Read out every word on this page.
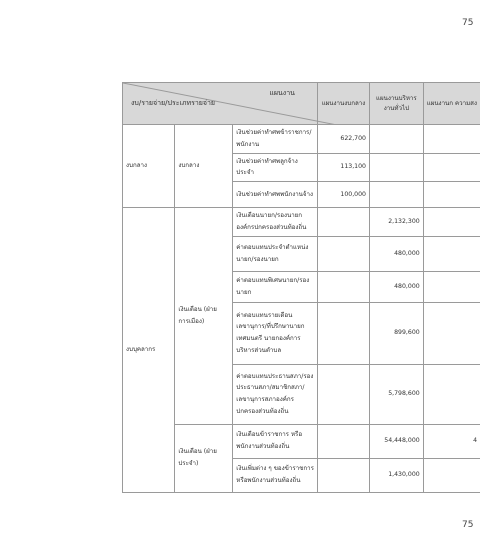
75
แผนงาน
งบ/รายจ่าย/ประเภทรายจ่าย			แผนงานงบกลาง	แผนงานบริหารงานทั่วไป	แผนงานก ความสง
งบกลาง	งบกลาง	เงินช่วยค่าทำศพข้าราชการ/พนักงาน	622,700		
		เงินช่วยค่าทำศพลูกจ้างประจำ	113,100		
		เงินช่วยค่าทำศพพนักงานจ้าง	100,000		
งบบุคลากร	เงินเดือน (ฝ่ายการเมือง)	เงินเดือนนายก/รองนายกองค์กรปกครองส่วนท้องถิ่น		2,132,300	
		ค่าตอบแทนประจำตำแหน่งนายก/รองนายก		480,000	
		ค่าตอบแทนพิเศษนายก/รองนายก		480,000	
		ค่าตอบแทนรายเดือนเลขานุการ/ที่ปรึกษานายกเทศมนตรี นายกองค์การบริหารส่วนตำบล		899,600	
		ค่าตอบแทนประธานสภา/รองประธานสภา/สมาชิกสภา/เลขานุการสภาองค์กรปกครองส่วนท้องถิ่น		5,798,600	
	เงินเดือน (ฝ่ายประจำ)	เงินเดือนข้าราชการ หรือพนักงานส่วนท้องถิ่น		54,448,000	4
		เงินเพิ่มต่าง ๆ ของข้าราชการ หรือพนักงานส่วนท้องถิ่น		1,430,000	
75
